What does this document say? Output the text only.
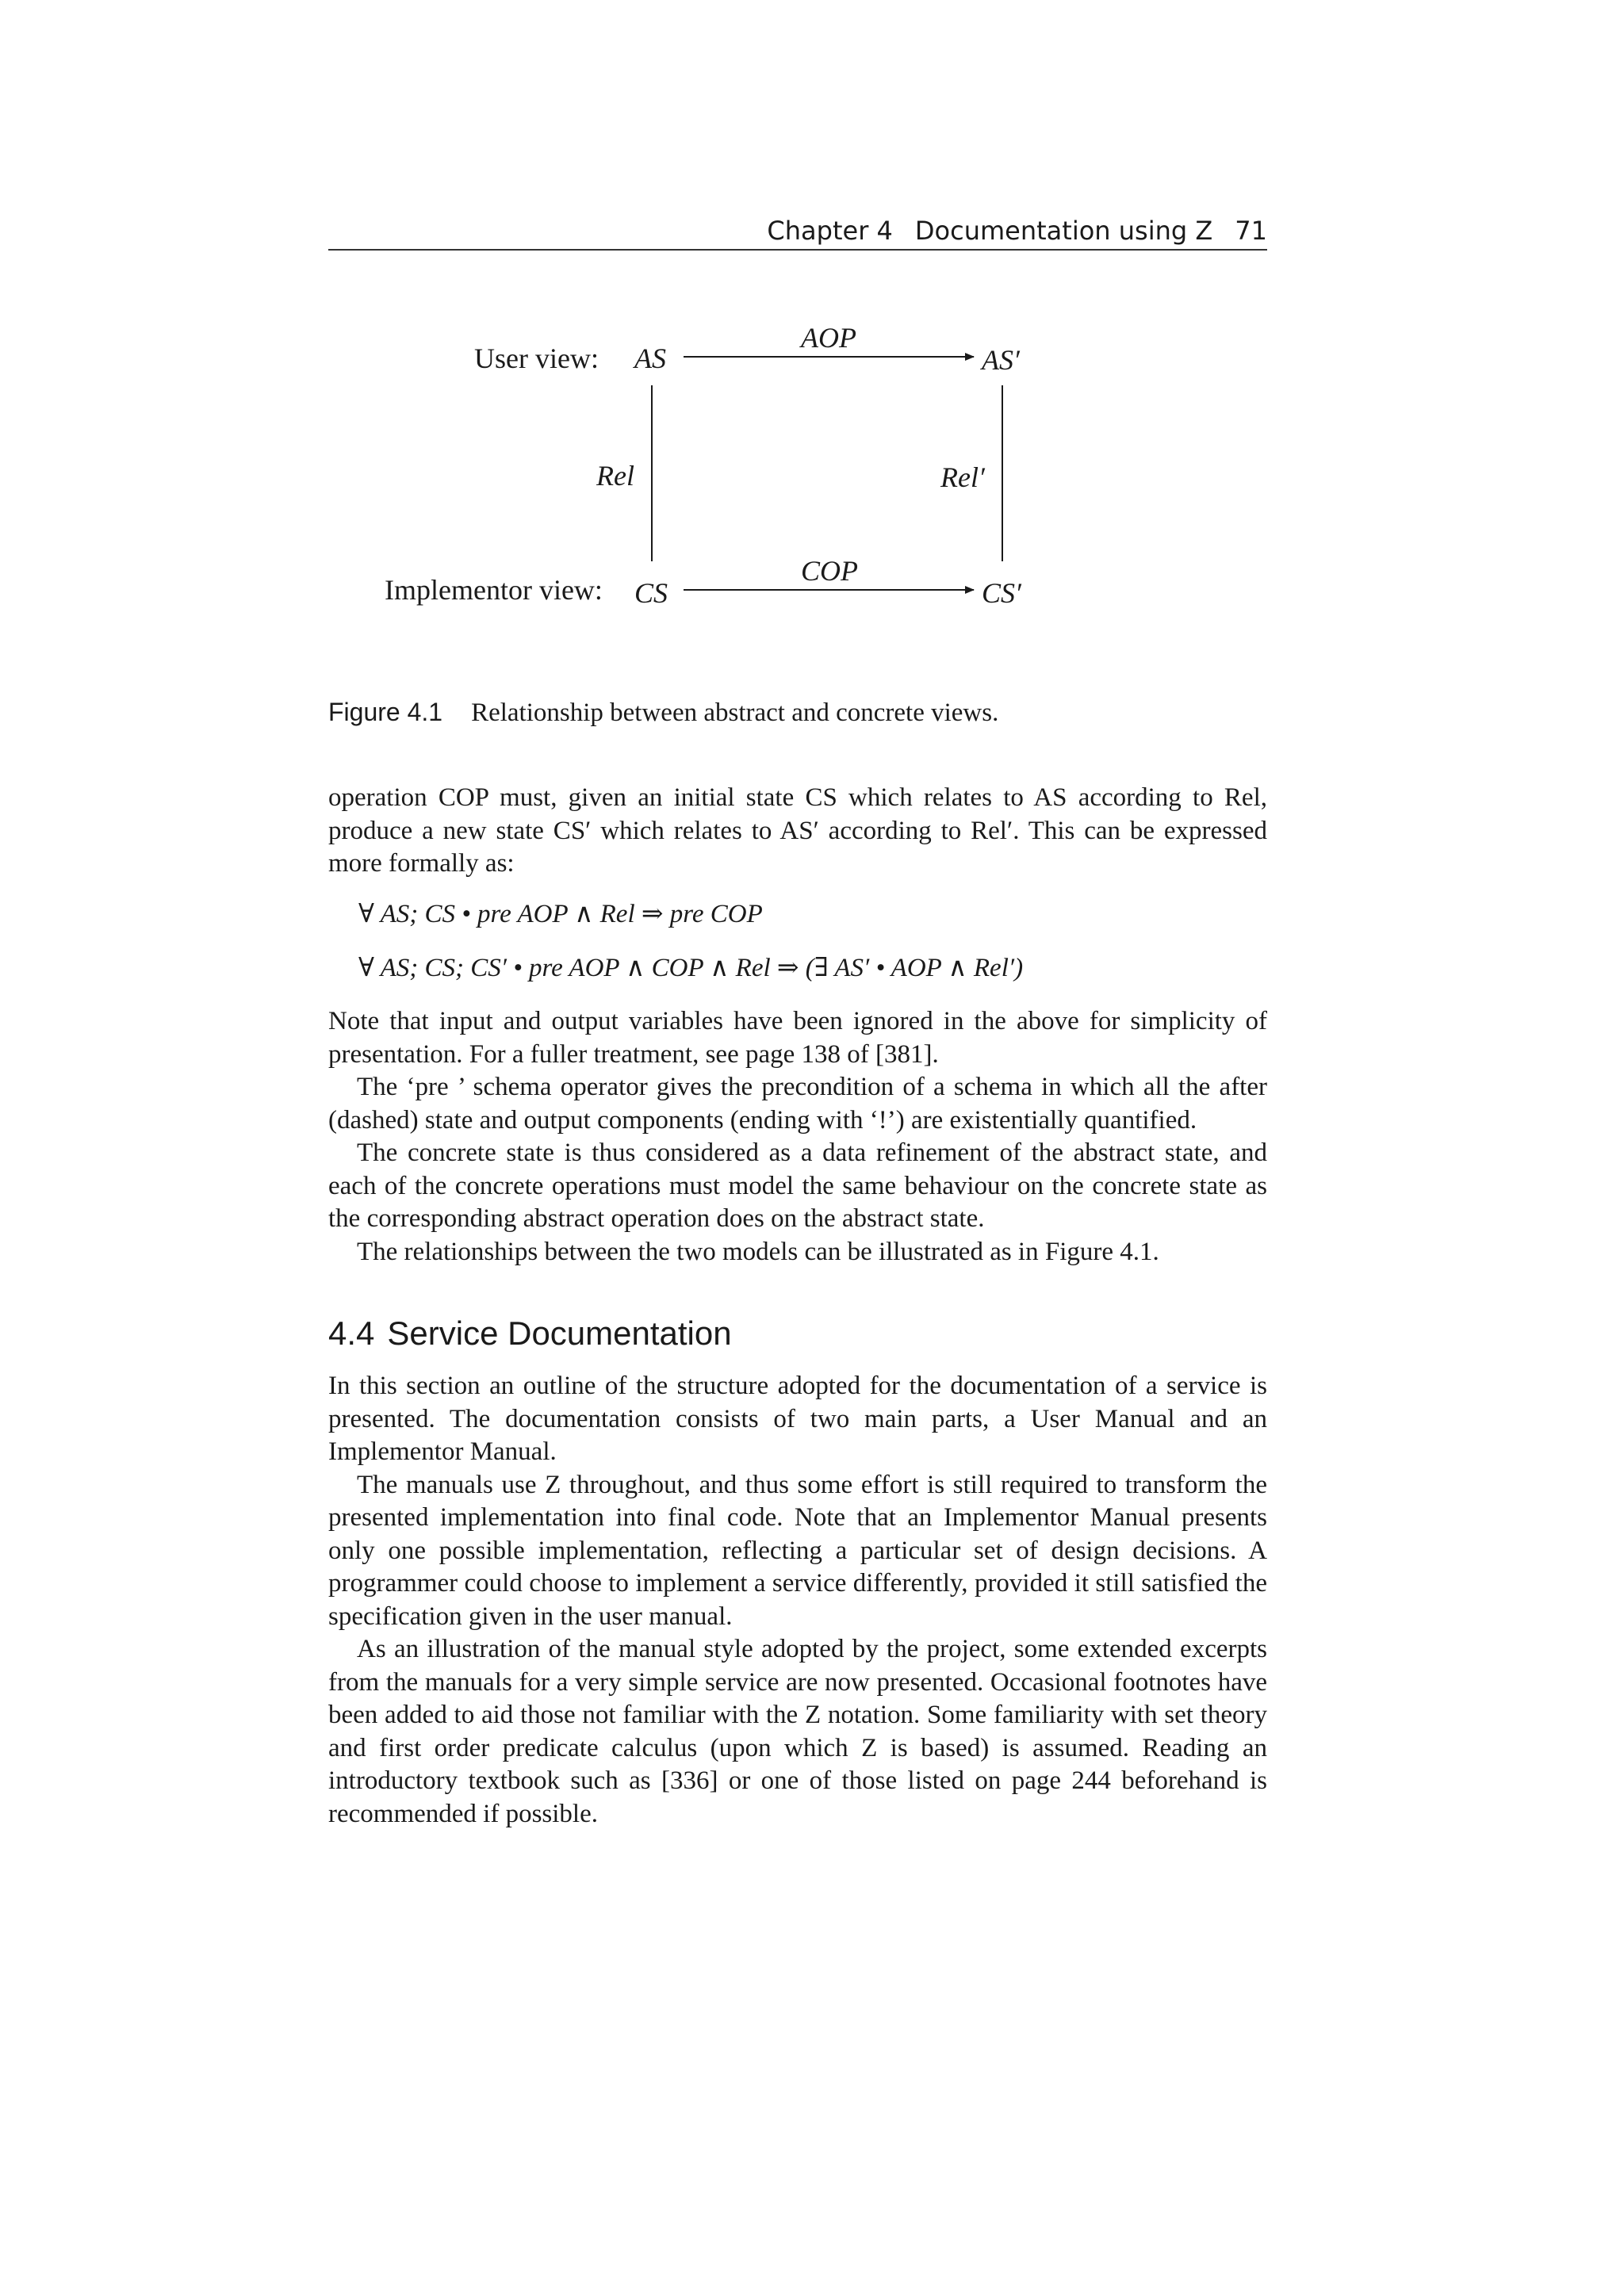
Chapter 4 Documentation using Z 71
User view: AS
AOP
AS′
Rel	Rel′
Implementor view: CS
COP
CS′
Figure 4.1 Relationship between abstract and concrete views.
operation COP must, given an initial state CS which relates to AS according to Rel,
produce a new state CS′ which relates to AS′ according to Rel′. This can be expressed
more formally as:
∀ AS; CS • pre AOP ∧ Rel ⇒ pre COP
∀ AS; CS; CS′ • pre AOP ∧ COP ∧ Rel ⇒ (∃ AS′ • AOP ∧ Rel′)

Note that input and output variables have been ignored in the above for simplicity of presentation. For a fuller treatment, see page 138 of [381].

The ‘pre ’ schema operator gives the precondition of a schema in which all the after (dashed) state and output components (ending with ‘!’) are existentially quantified.

The concrete state is thus considered as a data refinement of the abstract state, and each of the concrete operations must model the same behaviour on the concrete state as the corresponding abstract operation does on the abstract state.

The relationships between the two models can be illustrated as in Figure 4.1.

4.4 Service Documentation

In this section an outline of the structure adopted for the documentation of a service is presented. The documentation consists of two main parts, a User Manual and an Implementor Manual.

The manuals use Z throughout, and thus some effort is still required to transform the presented implementation into final code. Note that an Implementor Manual presents only one possible implementation, reflecting a particular set of design decisions. A programmer could choose to implement a service differently, provided it still satisfied the specification given in the user manual.

As an illustration of the manual style adopted by the project, some extended excerpts from the manuals for a very simple service are now presented. Occasional footnotes have been added to aid those not familiar with the Z notation. Some familiarity with set theory and first order predicate calculus (upon which Z is based) is assumed. Reading an introductory textbook such as [336] or one of those listed on page 244 beforehand is recommended if possible.
